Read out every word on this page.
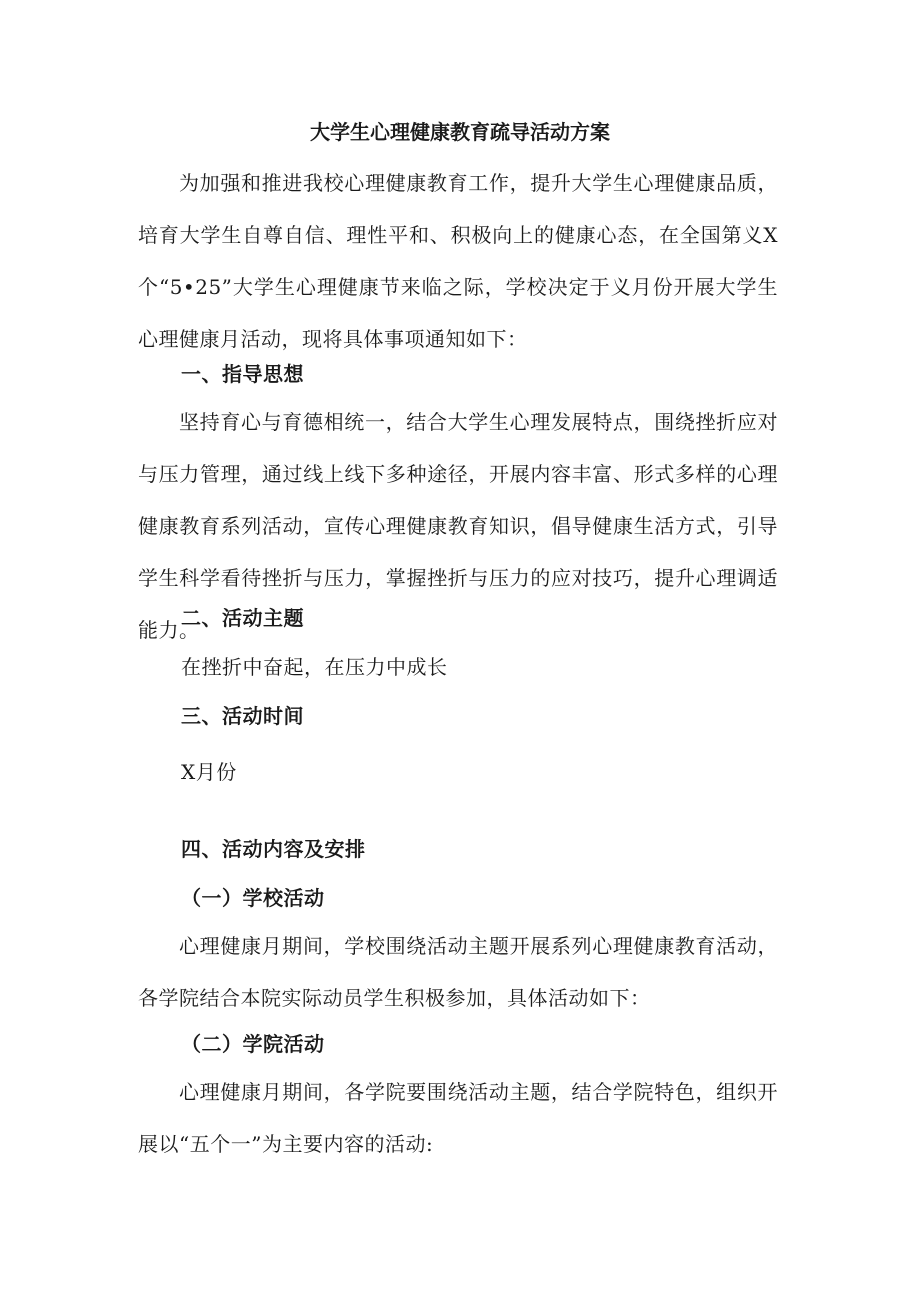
大学生心理健康教育疏导活动方案
为加强和推进我校心理健康教育工作，提升大学生心理健康品质，培育大学生自尊自信、理性平和、积极向上的健康心态，在全国第义X个“5•25”大学生心理健康节来临之际，学校决定于义月份开展大学生心理健康月活动，现将具体事项通知如下：
一、指导思想
坚持育心与育德相统一，结合大学生心理发展特点，围绕挫折应对与压力管理，通过线上线下多种途径，开展内容丰富、形式多样的心理健康教育系列活动，宣传心理健康教育知识，倡导健康生活方式，引导学生科学看待挫折与压力，掌握挫折与压力的应对技巧，提升心理调适能力。
二、活动主题
在挫折中奋起，在压力中成长
三、活动时间
X月份
四、活动内容及安排
（一）学校活动
心理健康月期间，学校围绕活动主题开展系列心理健康教育活动，各学院结合本院实际动员学生积极参加，具体活动如下：
（二）学院活动
心理健康月期间，各学院要围绕活动主题，结合学院特色，组织开展以“五个一”为主要内容的活动:
